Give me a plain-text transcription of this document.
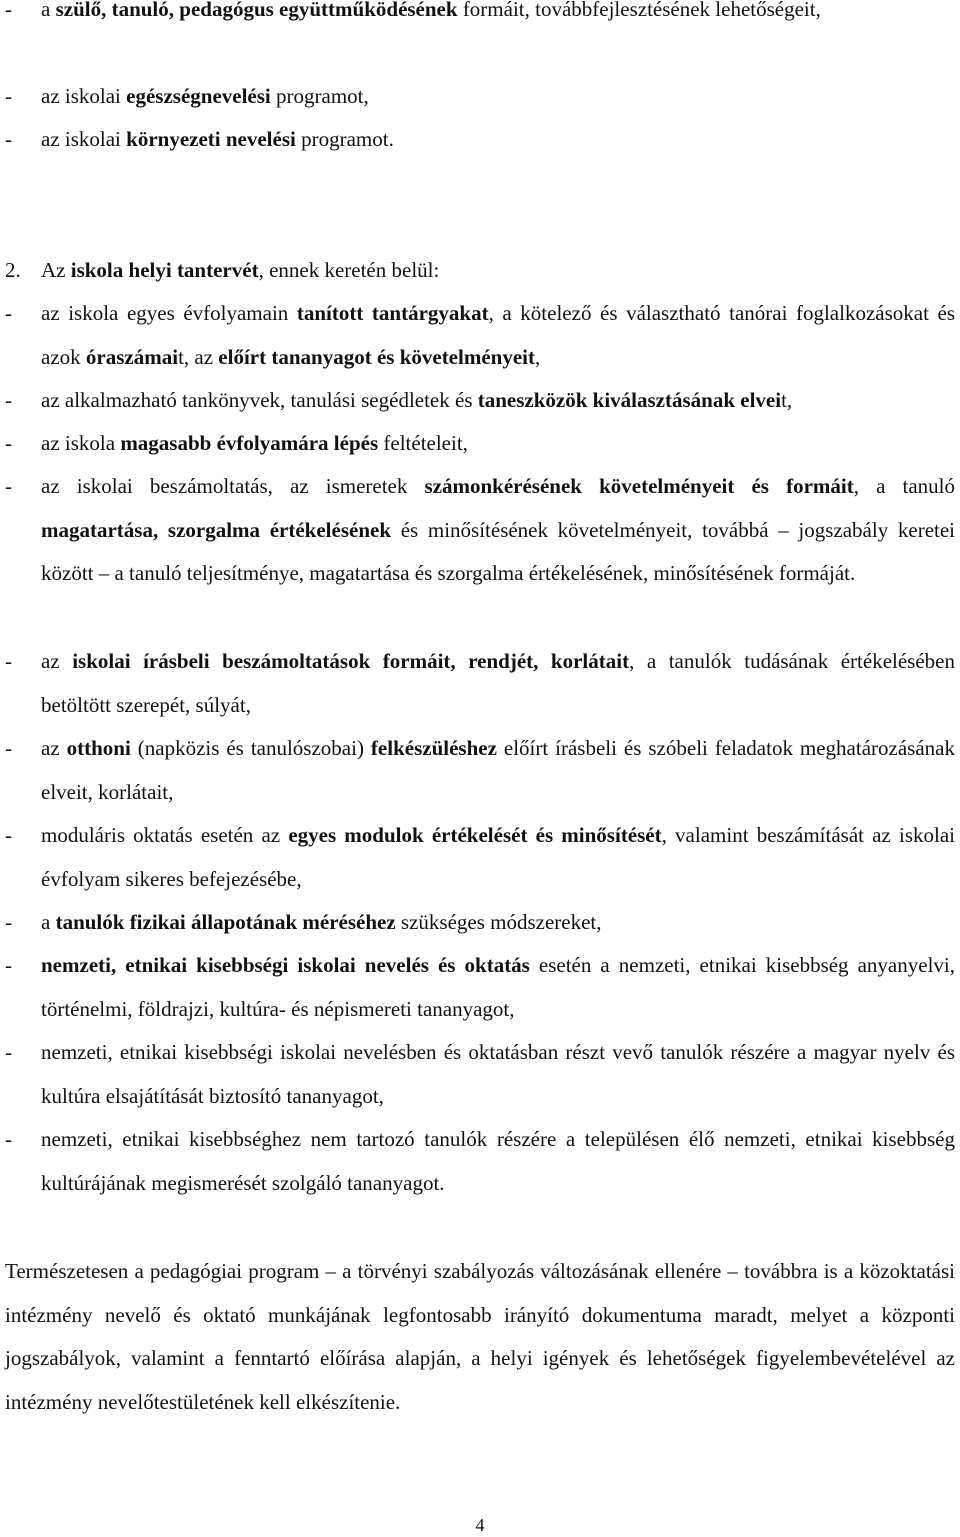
- a szülő, tanuló, pedagógus együttműködésének formáit, továbbfejlesztésének lehetőségeit,
- az iskolai egészségnevelési programot,
- az iskolai környezeti nevelési programot.
2. Az iskola helyi tantervét, ennek keretén belül:
- az iskola egyes évfolyamain tanított tantárgyakat, a kötelező és választható tanórai foglalkozásokat és azok óraszámait, az előírt tananyagot és követelményeit,
- az alkalmazható tankönyvek, tanulási segédletek és taneszközök kiválasztásának elveit,
- az iskola magasabb évfolyamára lépés feltételeit,
- az iskolai beszámoltatás, az ismeretek számonkérésének követelményeit és formáit, a tanuló magatartása, szorgalma értékelésének és minősítésének követelményeit, továbbá – jogszabály keretei között – a tanuló teljesítménye, magatartása és szorgalma értékelésének, minősítésének formáját.
- az iskolai írásbeli beszámoltatások formáit, rendjét, korlátait, a tanulók tudásának értékelésében betöltött szerepét, súlyát,
- az otthoni (napközis és tanulószobai) felkészüléshez előírt írásbeli és szóbeli feladatok meghatározásának elveit, korlátait,
- moduláris oktatás esetén az egyes modulok értékelését és minősítését, valamint beszámítását az iskolai évfolyam sikeres befejezésébe,
- a tanulók fizikai állapotának méréséhez szükséges módszereket,
- nemzeti, etnikai kisebbségi iskolai nevelés és oktatás esetén a nemzeti, etnikai kisebbség anyanyelvi, történelmi, földrajzi, kultúra- és népismereti tananyagot,
- nemzeti, etnikai kisebbségi iskolai nevelésben és oktatásban részt vevő tanulók részére a magyar nyelv és kultúra elsajátítását biztosító tananyagot,
- nemzeti, etnikai kisebbséghez nem tartozó tanulók részére a településen élő nemzeti, etnikai kisebbség kultúrájának megismerését szolgáló tananyagot.
Természetesen a pedagógiai program – a törvényi szabályozás változásának ellenére – továbbra is a közoktatási intézmény nevelő és oktató munkájának legfontosabb irányító dokumentuma maradt, melyet a központi jogszabályok, valamint a fenntartó előírása alapján, a helyi igények és lehetőségek figyelembevételével az intézmény nevelőtestületének kell elkészítenie.
4
